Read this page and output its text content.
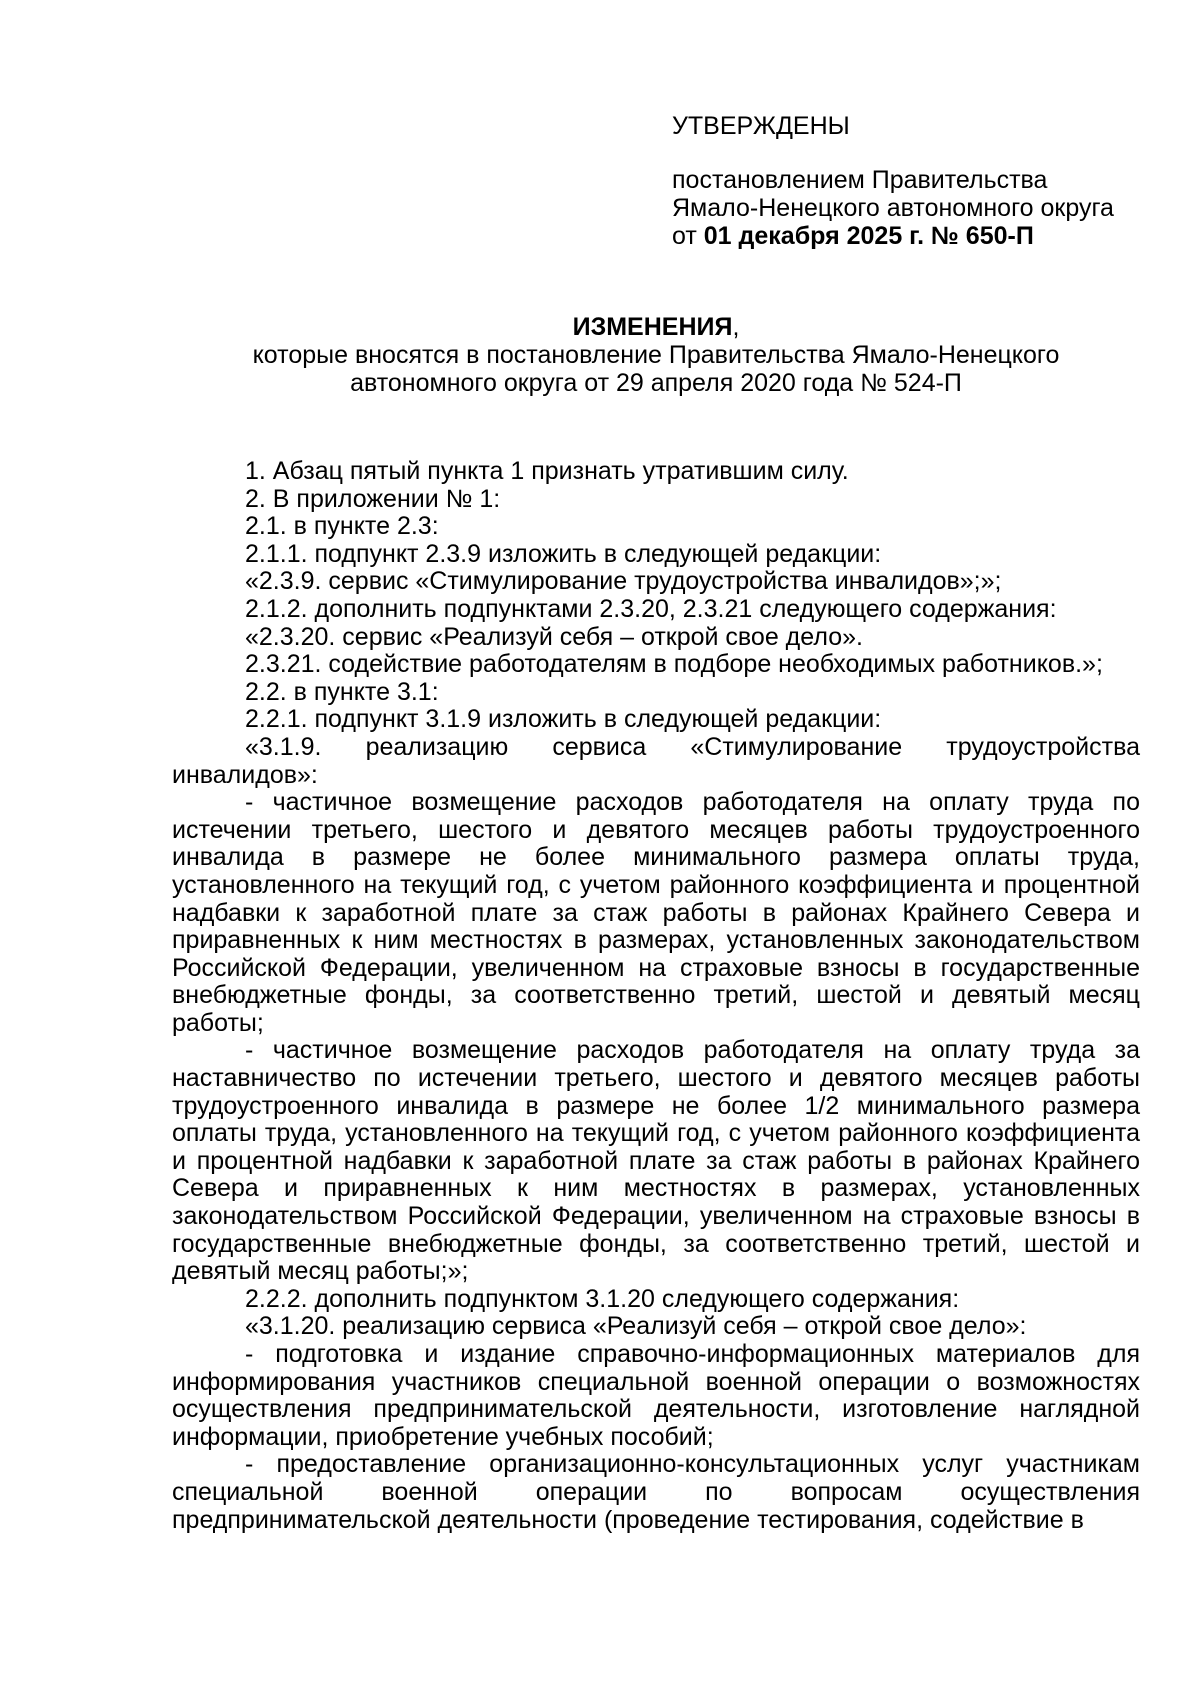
УТВЕРЖДЕНЫ

постановлением Правительства

Ямало-Ненецкого автономного округа

от 01 декабря 2025 г. № 650-П

ИЗМЕНЕНИЯ,

которые вносятся в постановление Правительства Ямало-Ненецкого

автономного округа от 29 апреля 2020 года № 524-П

1. Абзац пятый пункта 1 признать утратившим силу.

2. В приложении № 1:

2.1. в пункте 2.3:

2.1.1. подпункт 2.3.9 изложить в следующей редакции:

«2.3.9. сервис «Стимулирование трудоустройства инвалидов»;»;

2.1.2. дополнить подпунктами 2.3.20, 2.3.21 следующего содержания:

«2.3.20. сервис «Реализуй себя – открой свое дело».

2.3.21. содействие работодателям в подборе необходимых работников.»;

2.2. в пункте 3.1:

2.2.1. подпункт 3.1.9 изложить в следующей редакции:

«3.1.9. реализацию сервиса «Стимулирование трудоустройства инвалидов»:

- частичное возмещение расходов работодателя на оплату труда по истечении третьего, шестого и девятого месяцев работы трудоустроенного инвалида в размере не более минимального размера оплаты труда, установленного на текущий год, с учетом районного коэффициента и процентной надбавки к заработной плате за стаж работы в районах Крайнего Севера и приравненных к ним местностях в размерах, установленных законодательством Российской Федерации, увеличенном на страховые взносы в государственные внебюджетные фонды, за соответственно третий, шестой и девятый месяц работы;

- частичное возмещение расходов работодателя на оплату труда за наставничество по истечении третьего, шестого и девятого месяцев работы трудоустроенного инвалида в размере не более 1/2 минимального размера оплаты труда, установленного на текущий год, с учетом районного коэффициента и процентной надбавки к заработной плате за стаж работы в районах Крайнего Севера и приравненных к ним местностях в размерах, установленных законодательством Российской Федерации, увеличенном на страховые взносы в государственные внебюджетные фонды, за соответственно третий, шестой и девятый месяц работы;»;

2.2.2. дополнить подпунктом 3.1.20 следующего содержания:

«3.1.20. реализацию сервиса «Реализуй себя – открой свое дело»:

- подготовка и издание справочно-информационных материалов для информирования участников специальной военной операции о возможностях осуществления предпринимательской деятельности, изготовление наглядной информации, приобретение учебных пособий;

- предоставление организационно-консультационных услуг участникам специальной военной операции по вопросам осуществления предпринимательской деятельности (проведение тестирования, содействие в
